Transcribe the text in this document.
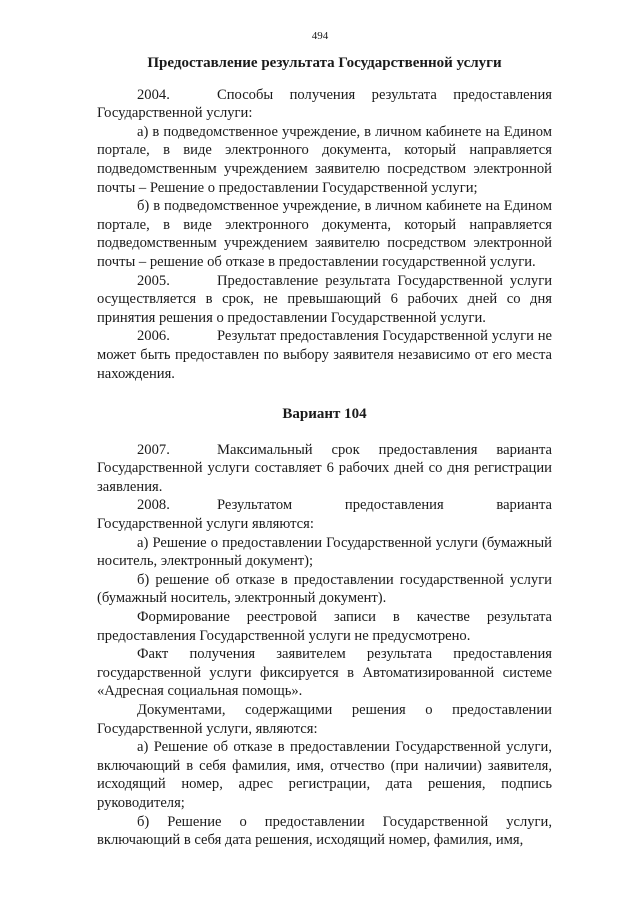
494

Предоставление результата Государственной услуги

2004.	Способы получения результата предоставления Государственной услуги:

а) в подведомственное учреждение, в личном кабинете на Едином портале, в виде электронного документа, который направляется подведомственным учреждением заявителю посредством электронной почты – Решение о предоставлении Государственной услуги;

б) в подведомственное учреждение, в личном кабинете на Едином портале, в виде электронного документа, который направляется подведомственным учреждением заявителю посредством электронной почты – решение об отказе в предоставлении государственной услуги.

2005.	Предоставление результата Государственной услуги осуществляется в срок, не превышающий 6 рабочих дней со дня принятия решения о предоставлении Государственной услуги.

2006.	Результат предоставления Государственной услуги не может быть предоставлен по выбору заявителя независимо от его места нахождения.

Вариант 104

2007.	Максимальный срок предоставления варианта Государственной услуги составляет 6 рабочих дней со дня регистрации заявления.

2008.	Результатом предоставления варианта Государственной услуги являются:

а) Решение о предоставлении Государственной услуги (бумажный носитель, электронный документ);

б) решение об отказе в предоставлении государственной услуги (бумажный носитель, электронный документ).

Формирование реестровой записи в качестве результата предоставления Государственной услуги не предусмотрено.

Факт получения заявителем результата предоставления государственной услуги фиксируется в Автоматизированной системе «Адресная социальная помощь».

Документами, содержащими решения о предоставлении Государственной услуги, являются:

а) Решение об отказе в предоставлении Государственной услуги, включающий в себя фамилия, имя, отчество (при наличии) заявителя, исходящий номер, адрес регистрации, дата решения, подпись руководителя;

б) Решение о предоставлении Государственной услуги, включающий в себя дата решения, исходящий номер, фамилия, имя,
